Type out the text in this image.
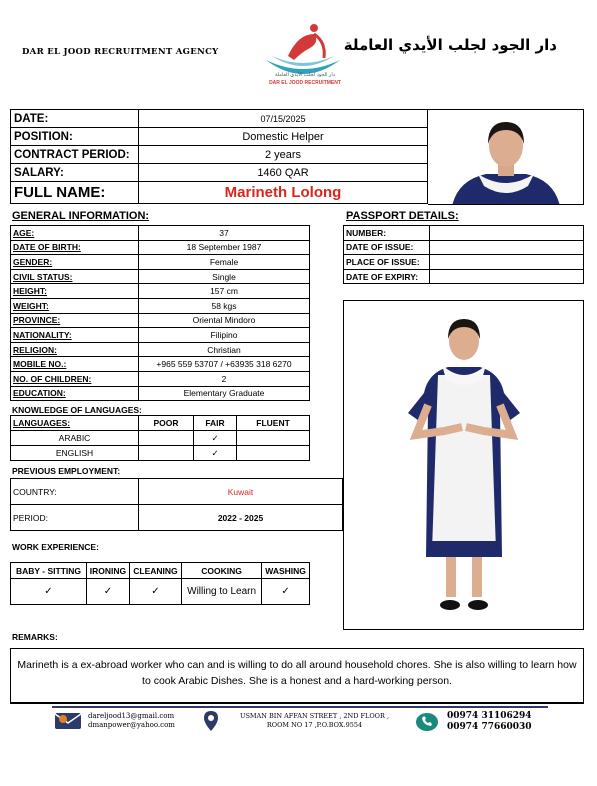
DAR EL JOOD RECRUITMENT AGENCY	دار الجود لجلب الأيدي العاملة
دار الجود لجلب الأيدي العاملة
DAR EL JOOD RECRUITMENT
DATE:	07/15/2025
POSITION:	Domestic Helper
CONTRACT PERIOD:	2 years
SALARY:	1460 QAR
FULL NAME:	Marineth Lolong
GENERAL INFORMATION:	PASSPORT DETAILS:
AGE:	37
DATE OF BIRTH:	18 September 1987
GENDER:	Female
CIVIL STATUS:	Single
HEIGHT:	157 cm
WEIGHT:	58 kgs
PROVINCE:	Oriental Mindoro
NATIONALITY:	Filipino
RELIGION:	Christian
MOBILE NO.:	+965 559 53707 / +63935 318 6270
NO. OF CHILDREN:	2
EDUCATION:	Elementary Graduate
NUMBER:	
DATE OF ISSUE:	
PLACE OF ISSUE:	
DATE OF EXPIRY:	
KNOWLEDGE OF LANGUAGES:
LANGUAGES:	POOR	FAIR	FLUENT
ARABIC		✓	
ENGLISH		✓	
PREVIOUS EMPLOYMENT:
COUNTRY:	Kuwait
PERIOD:	2022 - 2025
WORK EXPERIENCE:
BABY - SITTING	IRONING	CLEANING	COOKING	WASHING
✓	✓	✓	Willing to Learn	✓
REMARKS:
Marineth is a ex-abroad worker who can and is willing to do all around household chores. She is also willing to learn how to cook Arabic Dishes. She is a honest and a hard-working person.
dareljood13@gmail.com
dmanpower@yahoo.com
USMAN BIN AFFAN STREET , 2ND FLOOR ,
ROOM NO 17 ,P.O.BOX.9554
00974 31106294
00974 77660030
